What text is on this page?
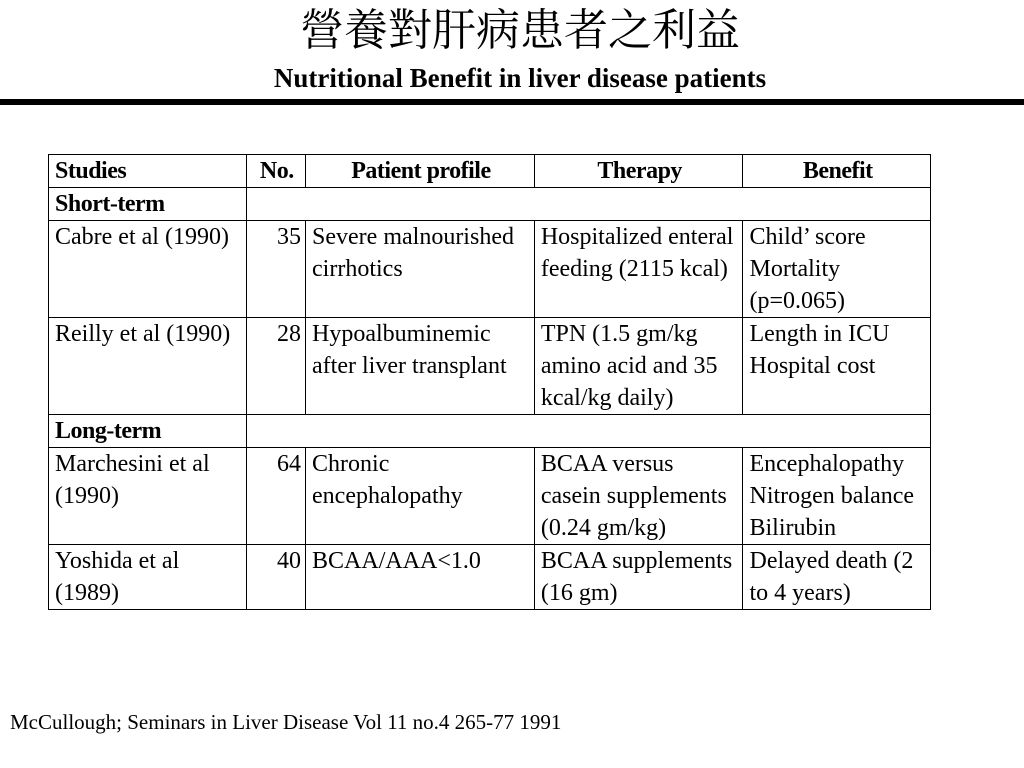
營養對肝病患者之利益
Nutritional Benefit in liver disease patients
Studies	No.	Patient profile	Therapy	Benefit
Short-term				
Cabre et al (1990)	35	Severe malnourished cirrhotics	Hospitalized enteral feeding (2115 kcal)	Child’ score
Mortality (p=0.065)

Reilly et al (1990)	28	Hypoalbuminemic after liver transplant	TPN (1.5 gm/kg amino acid and 35 kcal/kg daily)	Length in ICU
Hospital cost

Long-term				
Marchesini et al (1990)	64	Chronic encephalopathy	BCAA versus casein supplements (0.24 gm/kg)	Encephalopathy
Nitrogen balance
Bilirubin

Yoshida et al (1989)	40	BCAA/AAA<1.0	BCAA supplements (16 gm)	Delayed death (2 to 4 years)

McCullough; Seminars in Liver Disease Vol 11 no.4 265-77 1991
